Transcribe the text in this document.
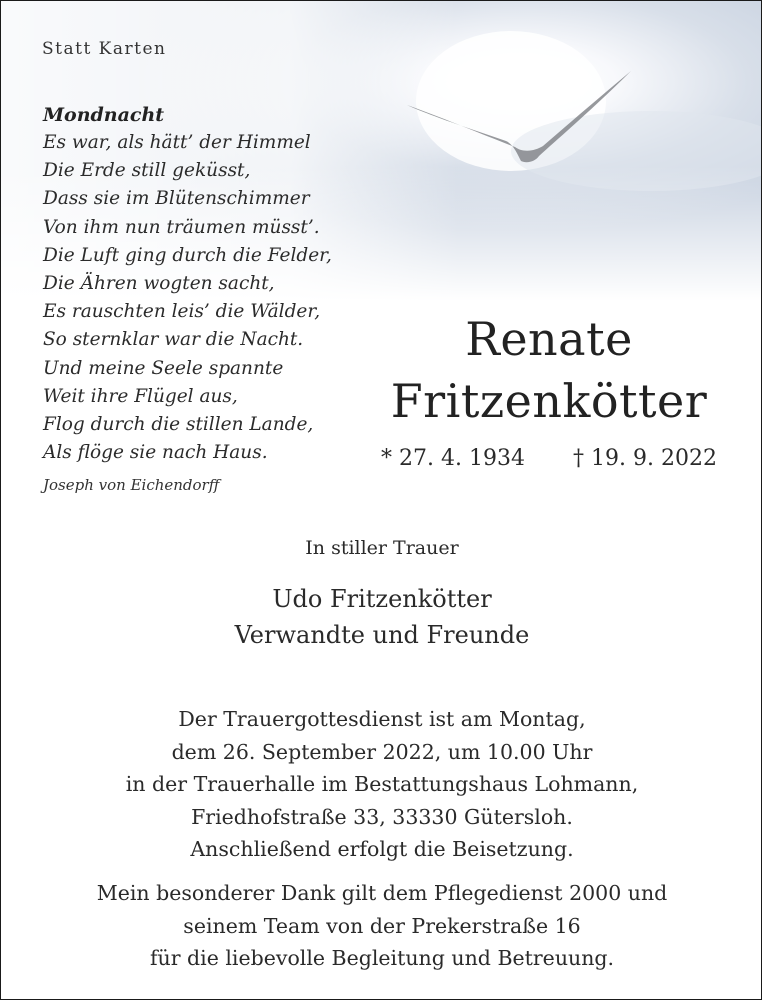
Statt Karten
Mondnacht
Es war, als hätt’ der Himmel
Die Erde still geküsst,
Dass sie im Blütenschimmer
Von ihm nun träumen müsst’.
Die Luft ging durch die Felder,
Die Ähren wogten sacht,
Es rauschten leis’ die Wälder,
So sternklar war die Nacht.
Und meine Seele spannte
Weit ihre Flügel aus,
Flog durch die stillen Lande,
Als flöge sie nach Haus.
Joseph von Eichendorff
Renate
Fritzenkötter
* 27. 4. 1934 † 19. 9. 2022
In stiller Trauer
Udo Fritzenkötter
Verwandte und Freunde
Der Trauergottesdienst ist am Montag,
dem 26. September 2022, um 10.00 Uhr
in der Trauerhalle im Bestattungshaus Lohmann,
Friedhofstraße 33, 33330 Gütersloh.
Anschließend erfolgt die Beisetzung.
Mein besonderer Dank gilt dem Pflegedienst 2000 und
seinem Team von der Prekerstraße 16
für die liebevolle Begleitung und Betreuung.
